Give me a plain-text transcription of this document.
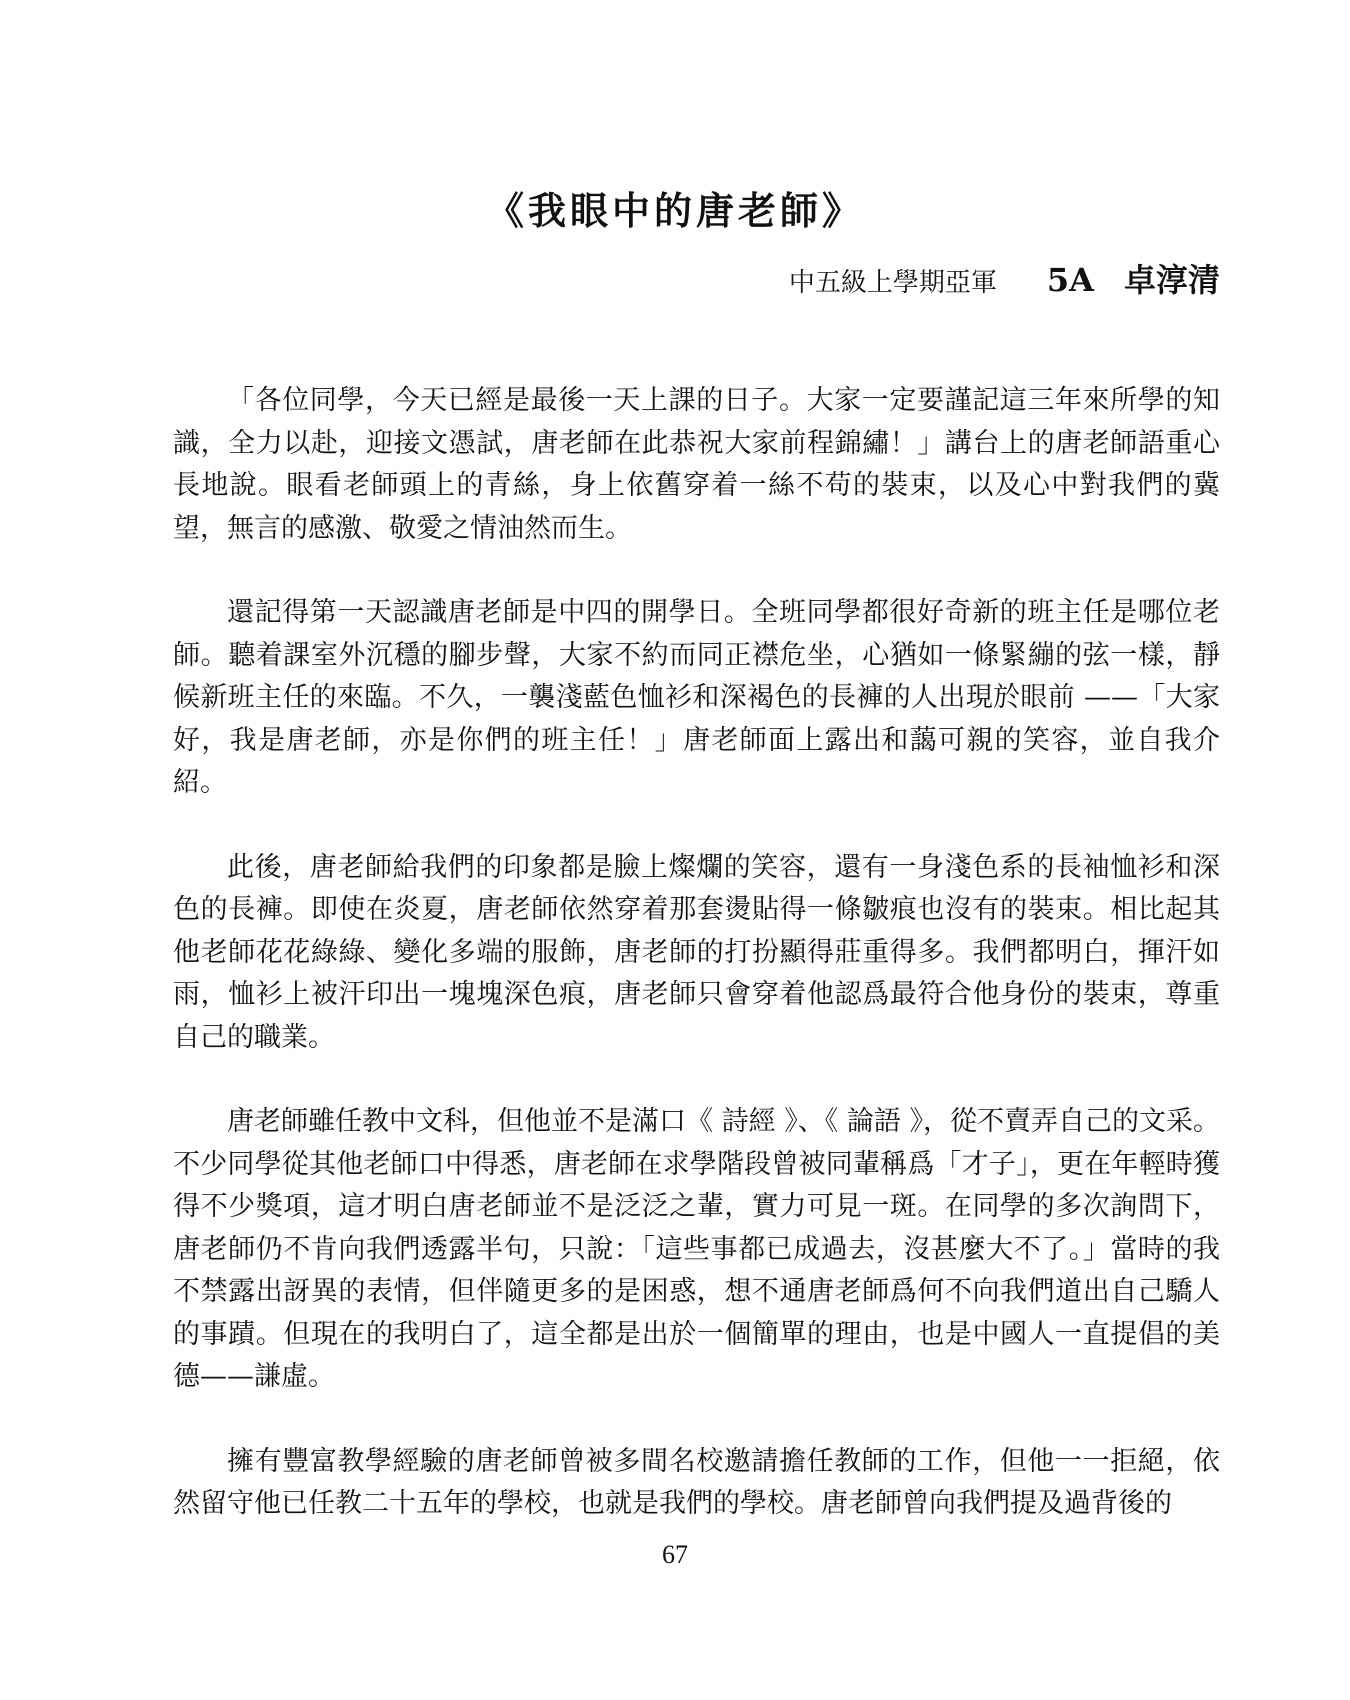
《我眼中的唐老師》
中五級上學期亞軍 5A 卓淳清

「各位同學，今天已經是最後一天上課的日子。大家一定要謹記這三年來所學的知識，全力以赴，迎接文憑試，唐老師在此恭祝大家前程錦繡！」講台上的唐老師語重心長地說。眼看老師頭上的青絲，身上依舊穿着一絲不苟的裝束，以及心中對我們的冀望，無言的感激、敬愛之情油然而生。

還記得第一天認識唐老師是中四的開學日。全班同學都很好奇新的班主任是哪位老師。聽着課室外沉穩的腳步聲，大家不約而同正襟危坐，心猶如一條緊繃的弦一樣，靜候新班主任的來臨。不久，一襲淺藍色恤衫和深褐色的長褲的人出現於眼前 ——「大家好，我是唐老師，亦是你們的班主任！」唐老師面上露出和藹可親的笑容，並自我介紹。

此後，唐老師給我們的印象都是臉上燦爛的笑容，還有一身淺色系的長袖恤衫和深色的長褲。即使在炎夏，唐老師依然穿着那套燙貼得一條皺痕也沒有的裝束。相比起其他老師花花綠綠、變化多端的服飾，唐老師的打扮顯得莊重得多。我們都明白，揮汗如雨，恤衫上被汗印出一塊塊深色痕，唐老師只會穿着他認爲最符合他身份的裝束，尊重自己的職業。

唐老師雖任教中文科，但他並不是滿口《 詩經 》、《 論語 》，從不賣弄自己的文采。不少同學從其他老師口中得悉，唐老師在求學階段曾被同輩稱爲「才子」，更在年輕時獲得不少獎項，這才明白唐老師並不是泛泛之輩，實力可見一斑。在同學的多次詢問下，唐老師仍不肯向我們透露半句，只說：「這些事都已成過去，沒甚麼大不了。」當時的我不禁露出訝異的表情，但伴隨更多的是困惑，想不通唐老師爲何不向我們道出自己驕人的事蹟。但現在的我明白了，這全都是出於一個簡單的理由，也是中國人一直提倡的美德——謙虛。

擁有豐富教學經驗的唐老師曾被多間名校邀請擔任教師的工作，但他一一拒絕，依然留守他已任教二十五年的學校，也就是我們的學校。唐老師曾向我們提及過背後的

67
